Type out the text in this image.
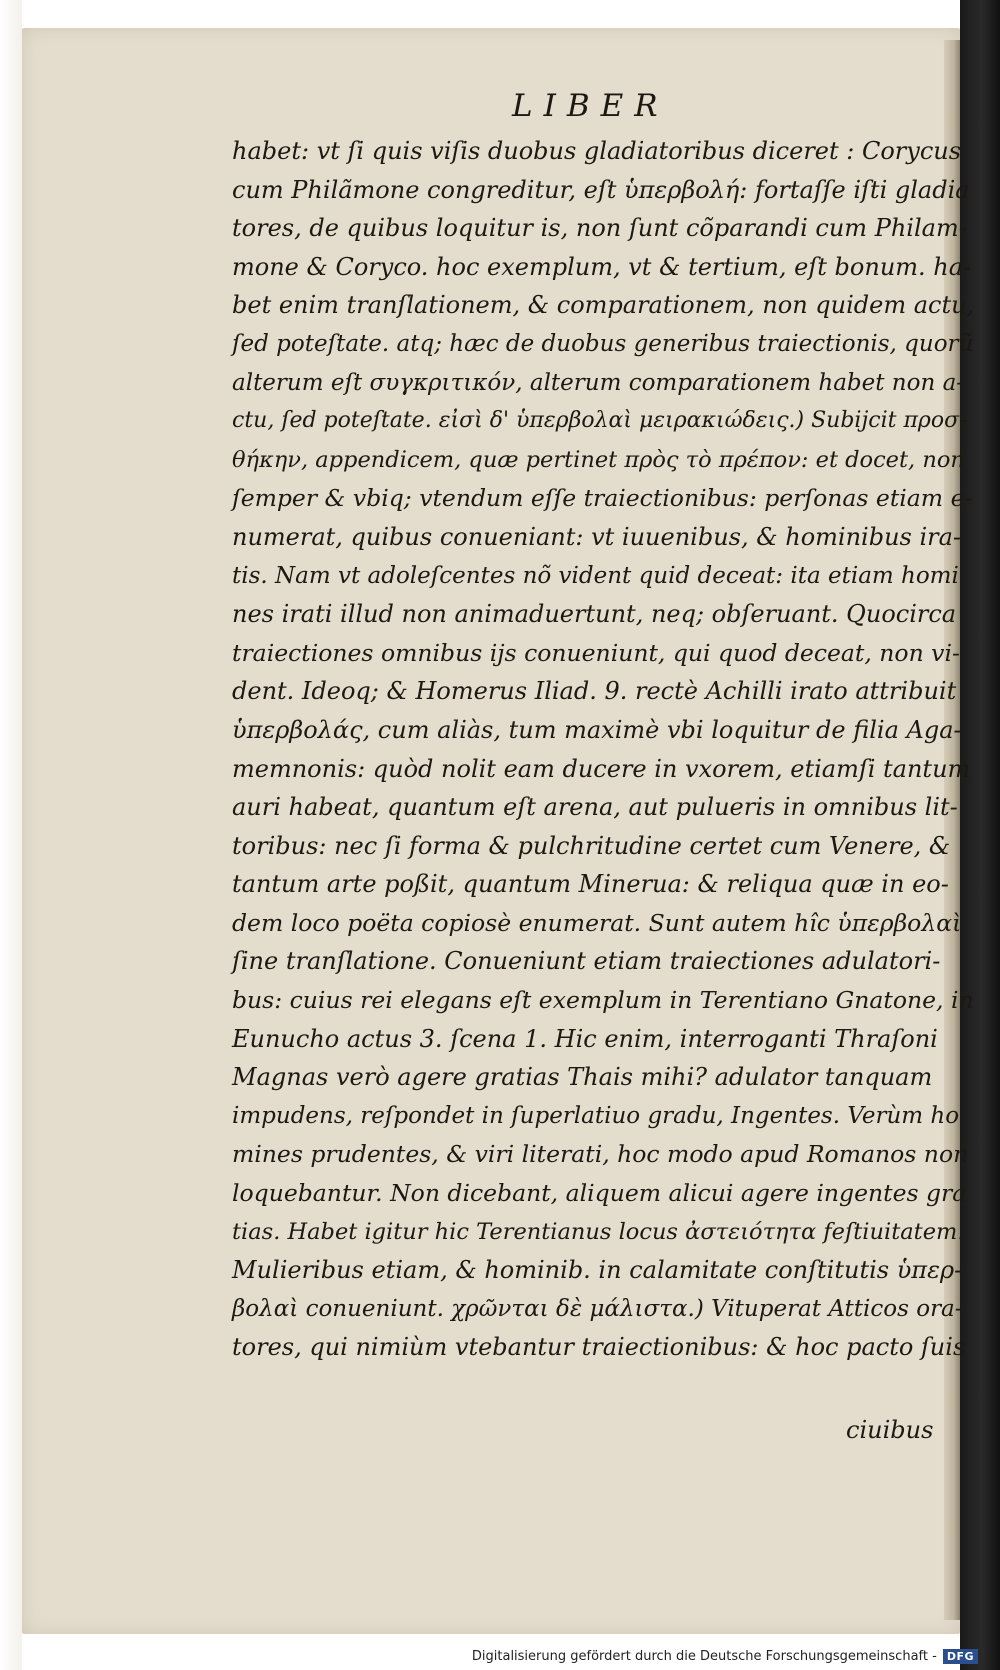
LIBER
habet: vt ſi quis viſis duobus gladiatoribus diceret : Corycus
cum Philãmone congreditur, eſt ὑπερβολή: fortaſſe iſti gladia
tores, de quibus loquitur is, non ſunt cõparandi cum Philam-
mone & Coryco. hoc exemplum, vt & tertium, eſt bonum. ha-
bet enim tranſlationem, & comparationem, non quidem actu,
ſed poteſtate. atq; hæc de duobus generibus traiectionis, quorũ
alterum eſt συγκριτικόν, alterum comparationem habet non a-
ctu, ſed poteſtate. εἰσὶ δ' ὑπερβολαὶ μειρακιώδεις.) Subijcit προσ-
θήκην, appendicem, quæ pertinet πρὸς τὸ πρέπον: et docet, non
ſemper & vbiq; vtendum eſſe traiectionibus: perſonas etiam e-
numerat, quibus conueniant: vt iuuenibus, & hominibus ira-
tis. Nam vt adoleſcentes nõ vident quid deceat: ita etiam homi
nes irati illud non animaduertunt, neq; obſeruant. Quocirca
traiectiones omnibus ijs conueniunt, qui quod deceat, non vi-
dent. Ideoq; & Homerus Iliad. 9. rectè Achilli irato attribuit
ὑπερβολάς, cum aliàs, tum maximè vbi loquitur de filia Aga-
memnonis: quòd nolit eam ducere in vxorem, etiamſi tantum
auri habeat, quantum eſt arena, aut pulueris in omnibus lit-
toribus: nec ſi forma & pulchritudine certet cum Venere, &
tantum arte poßit, quantum Minerua: & reliqua quæ in eo-
dem loco poëta copiosè enumerat. Sunt autem hîc ὑπερβολαὶ
ſine tranſlatione. Conueniunt etiam traiectiones adulatori-
bus: cuius rei elegans eſt exemplum in Terentiano Gnatone, in
Eunucho actus 3. ſcena 1. Hic enim, interroganti Thraſoni
Magnas verò agere gratias Thais mihi? adulator tanquam
impudens, reſpondet in ſuperlatiuo gradu, Ingentes. Verùm ho
mines prudentes, & viri literati, hoc modo apud Romanos non
loquebantur. Non dicebant, aliquem alicui agere ingentes gra
tias. Habet igitur hic Terentianus locus ἀστειότητα feſtiuitatem.
Mulieribus etiam, & hominib. in calamitate conſtitutis ὑπερ-
βολαὶ conueniunt. χρῶνται δὲ μάλιστα.) Vituperat Atticos ora-
tores, qui nimiùm vtebantur traiectionibus: & hoc pacto ſuis
ciuibus
Digitalisierung gefördert durch die Deutsche Forschungsgemeinschaft - DFG
